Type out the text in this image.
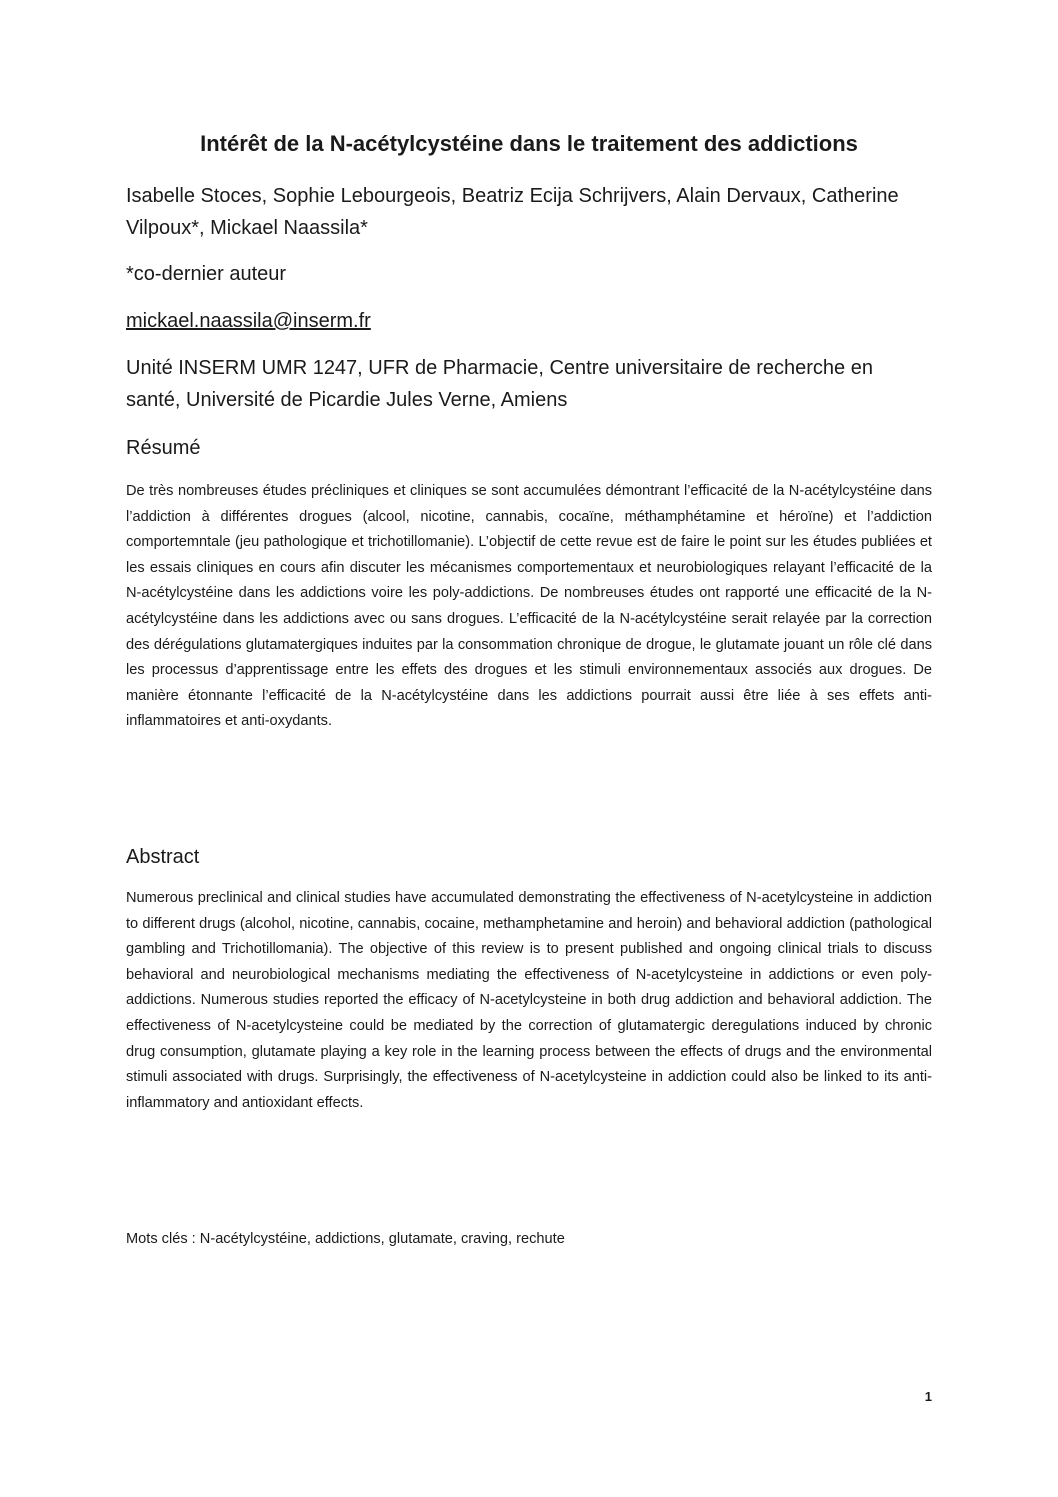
Intérêt de la N-acétylcystéine dans le traitement des addictions

Isabelle Stoces, Sophie Lebourgeois, Beatriz Ecija Schrijvers, Alain Dervaux, Catherine Vilpoux*, Mickael Naassila*

*co-dernier auteur

mickael.naassila@inserm.fr

Unité INSERM UMR 1247, UFR de Pharmacie, Centre universitaire de recherche en santé, Université de Picardie Jules Verne, Amiens

Résumé

De très nombreuses études précliniques et cliniques se sont accumulées démontrant l’efficacité de la N-acétylcystéine dans l’addiction à différentes drogues (alcool, nicotine, cannabis, cocaïne, méthamphétamine et héroïne) et l’addiction comportemntale (jeu pathologique et trichotillomanie). L’objectif de cette revue est de faire le point sur les études publiées et les essais cliniques en cours afin discuter les mécanismes comportementaux et neurobiologiques relayant l’efficacité de la N-acétylcystéine dans les addictions voire les poly-addictions. De nombreuses études ont rapporté une efficacité de la N-acétylcystéine dans les addictions avec ou sans drogues. L’efficacité de la N-acétylcystéine serait relayée par la correction des dérégulations glutamatergiques induites par la consommation chronique de drogue, le glutamate jouant un rôle clé dans les processus d’apprentissage entre les effets des drogues et les stimuli environnementaux associés aux drogues. De manière étonnante l’efficacité de la N-acétylcystéine dans les addictions pourrait aussi être liée à ses effets anti-inflammatoires et anti-oxydants.

Abstract

Numerous preclinical and clinical studies have accumulated demonstrating the effectiveness of N-acetylcysteine in addiction to different drugs (alcohol, nicotine, cannabis, cocaine, methamphetamine and heroin) and behavioral addiction (pathological gambling and Trichotillomania). The objective of this review is to present published and ongoing clinical trials to discuss behavioral and neurobiological mechanisms mediating the effectiveness of N-acetylcysteine in addictions or even poly-addictions. Numerous studies reported the efficacy of N-acetylcysteine in both drug addiction and behavioral addiction. The effectiveness of N-acetylcysteine could be mediated by the correction of glutamatergic deregulations induced by chronic drug consumption, glutamate playing a key role in the learning process between the effects of drugs and the environmental stimuli associated with drugs. Surprisingly, the effectiveness of N-acetylcysteine in addiction could also be linked to its anti-inflammatory and antioxidant effects.

Mots clés : N-acétylcystéine, addictions, glutamate, craving, rechute

1
